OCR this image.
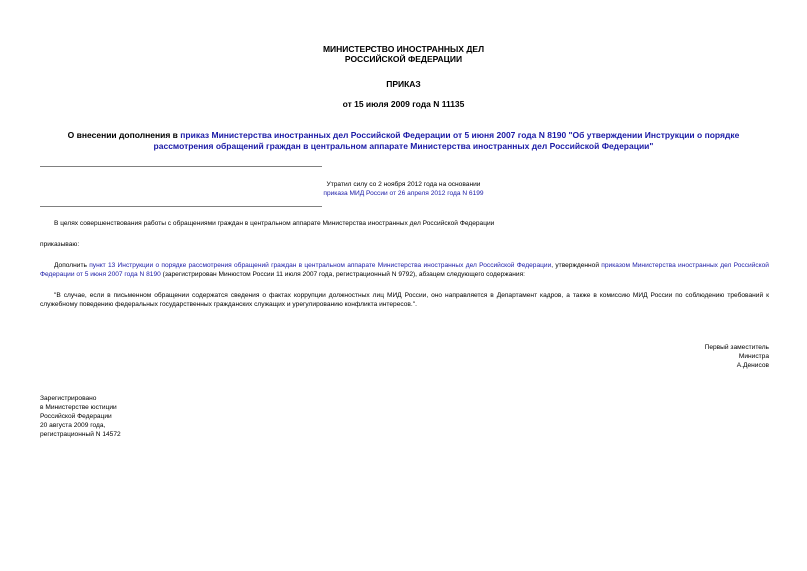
МИНИСТЕРСТВО ИНОСТРАННЫХ ДЕЛ
РОССИЙСКОЙ ФЕДЕРАЦИИ
ПРИКАЗ
от 15 июля 2009 года N 11135
О внесении дополнения в приказ Министерства иностранных дел Российской Федерации от 5 июня 2007 года N 8190 "Об утверждении Инструкции о порядке рассмотрения обращений граждан в центральном аппарате Министерства иностранных дел Российской Федерации"
Утратил силу со 2 ноября 2012 года на основании
приказа МИД России от 26 апреля 2012 года N 6199
В целях совершенствования работы с обращениями граждан в центральном аппарате Министерства иностранных дел Российской Федерации
приказываю:
Дополнить пункт 13 Инструкции о порядке рассмотрения обращений граждан в центральном аппарате Министерства иностранных дел Российской Федерации, утвержденной приказом Министерства иностранных дел Российской Федерации от 5 июня 2007 года N 8190 (зарегистрирован Минюстом России 11 июля 2007 года, регистрационный N 9792), абзацем следующего содержания:
"В случае, если в письменном обращении содержатся сведения о фактах коррупции должностных лиц МИД России, оно направляется в Департамент кадров, а также в комиссию МИД России по соблюдению требований к служебному поведению федеральных государственных гражданских служащих и урегулированию конфликта интересов.".
Первый заместитель
Министра
А.Денисов
Зарегистрировано
в Министерстве юстиции
Российской Федерации
20 августа 2009 года,
регистрационный N 14572
